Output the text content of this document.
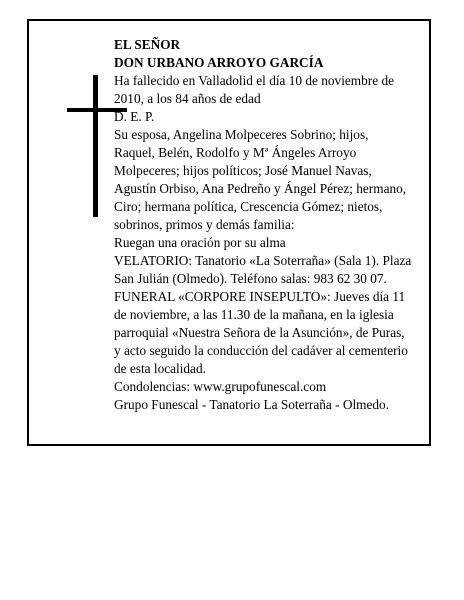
EL SEÑOR

DON URBANO ARROYO GARCÍA

Ha fallecido en Valladolid el día 10 de noviembre de 2010, a los 84 años de edad

D. E. P.

Su esposa, Angelina Molpeceres Sobrino; hijos, Raquel, Belén, Rodolfo y Mª Ángeles Arroyo Molpeceres; hijos políticos; José Manuel Navas, Agustín Orbiso, Ana Pedreño y Ángel Pérez; hermano, Ciro; hermana política, Crescencia Gómez; nietos, sobrinos, primos y demás familia:

Ruegan una oración por su alma

VELATORIO: Tanatorio «La Soterraña» (Sala 1). Plaza San Julián (Olmedo). Teléfono salas: 983 62 30 07.

FUNERAL «CORPORE INSEPULTO»: Jueves día 11 de noviembre, a las 11.30 de la mañana, en la iglesia parroquial «Nuestra Señora de la Asunción», de Puras, y acto seguido la conducción del cadáver al cementerio de esta localidad.

Condolencias: www.grupofunescal.com

Grupo Funescal - Tanatorio La Soterraña - Olmedo.
